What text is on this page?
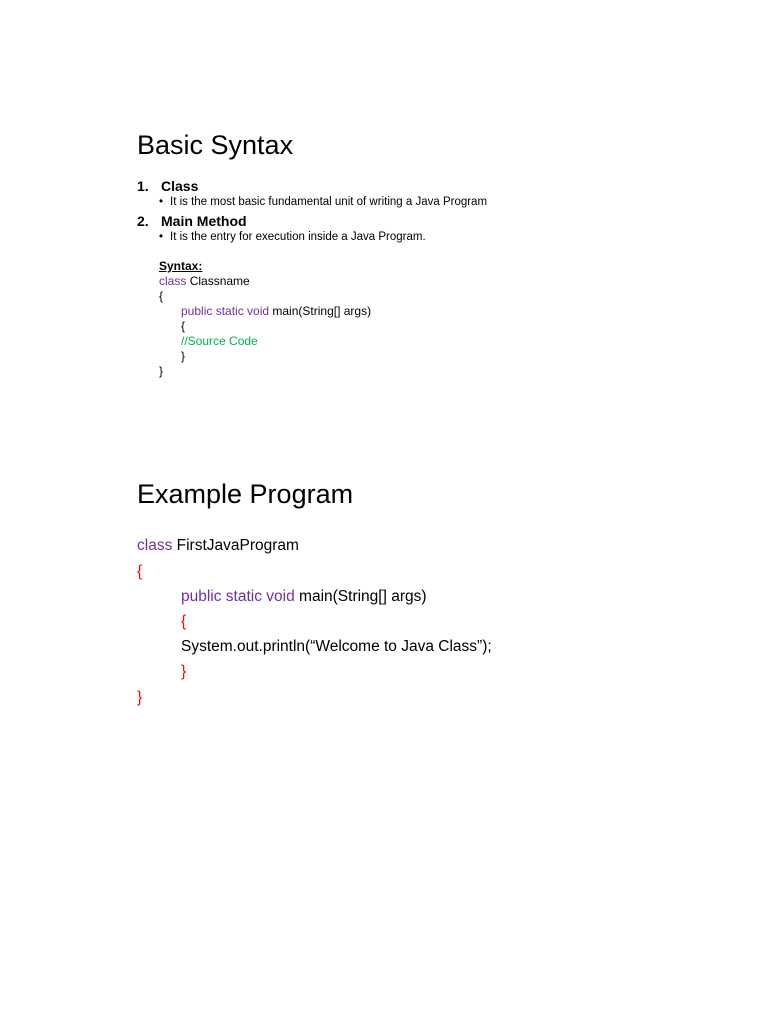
Basic Syntax
1. Class
• It is the most basic fundamental unit of writing a Java Program
2. Main Method
• It is the entry for execution inside a Java Program.
Syntax:
class Classname
{
public static void main(String[] args)
{
//Source Code
}
}
Example Program
class FirstJavaProgram
{
public static void main(String[] args)
{
System.out.println(“Welcome to Java Class”);
}
}
